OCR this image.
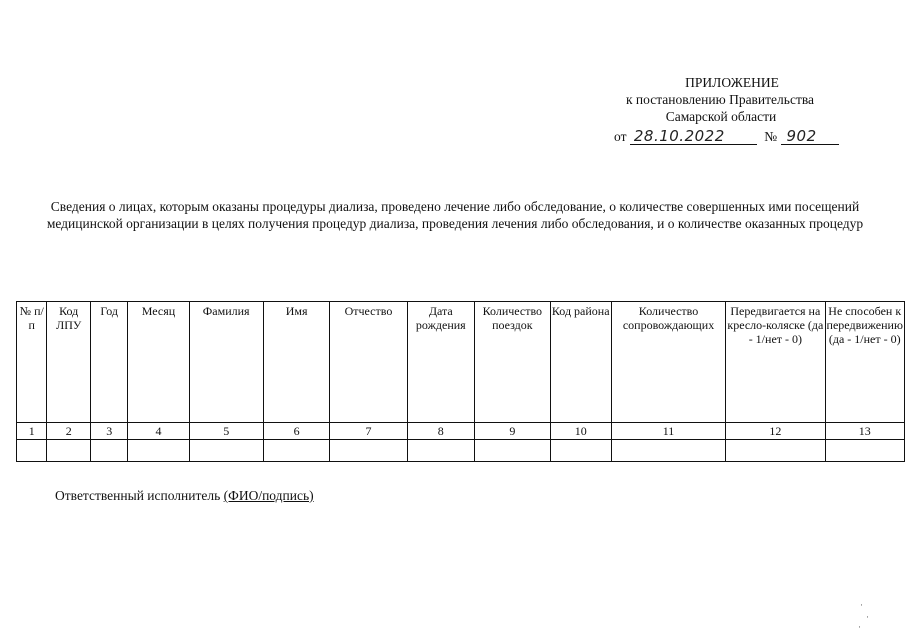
ПРИЛОЖЕНИЕ
к постановлению Правительства
Самарской области
от 28.10.2022	№ 902
Сведения о лицах, которым оказаны процедуры диализа, проведено лечение либо обследование, о количестве совершенных ими посещений медицинской организации в целях получения процедур диализа, проведения лечения либо обследования, и о количестве оказанных процедур
№ п/п	Код ЛПУ	Год	Месяц	Фамилия	Имя	Отчество	Дата рождения	Количество поездок	Код района	Количество сопровождающих	Передвигается на кресло-коляске (да - 1/нет - 0)	Не способен к передвижению (да - 1/нет - 0)
1	2	3	4	5	6	7	8	9	10	11	12	13

Ответственный исполнитель (ФИО/подпись)
·
·
·
